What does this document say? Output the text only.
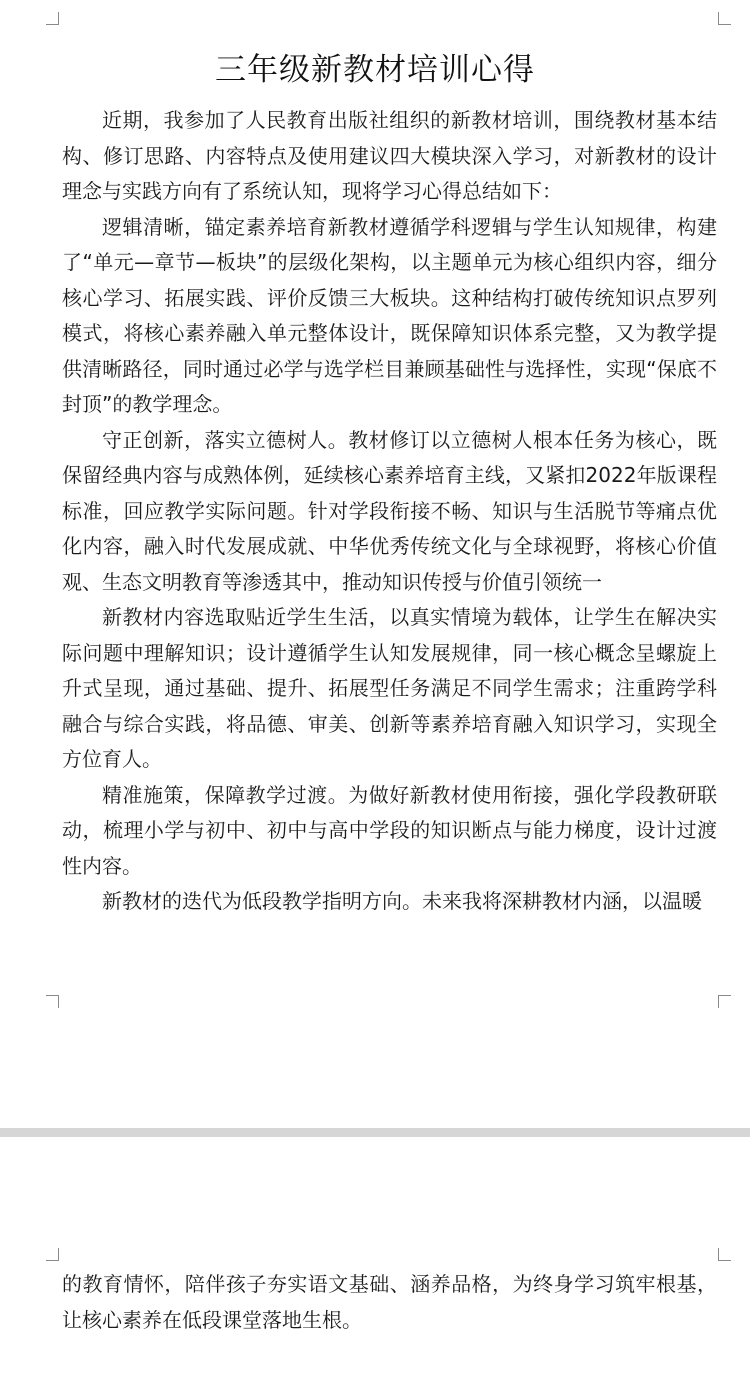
三年级新教材培训心得

近期，我参加了人民教育出版社组织的新教材培训，围绕教材基本结构、修订思路、内容特点及使用建议四大模块深入学习，对新教材的设计理念与实践方向有了系统认知，现将学习心得总结如下：

逻辑清晰，锚定素养培育新教材遵循学科逻辑与学生认知规律，构建了“单元—章节—板块”的层级化架构，以主题单元为核心组织内容，细分核心学习、拓展实践、评价反馈三大板块。这种结构打破传统知识点罗列模式，将核心素养融入单元整体设计，既保障知识体系完整，又为教学提供清晰路径，同时通过必学与选学栏目兼顾基础性与选择性，实现“保底不封顶”的教学理念。

守正创新，落实立德树人。教材修订以立德树人根本任务为核心，既保留经典内容与成熟体例，延续核心素养培育主线，又紧扣2022年版课程标准，回应教学实际问题。针对学段衔接不畅、知识与生活脱节等痛点优化内容，融入时代发展成就、中华优秀传统文化与全球视野，将核心价值观、生态文明教育等渗透其中，推动知识传授与价值引领统一

新教材内容选取贴近学生生活，以真实情境为载体，让学生在解决实际问题中理解知识；设计遵循学生认知发展规律，同一核心概念呈螺旋上升式呈现，通过基础、提升、拓展型任务满足不同学生需求；注重跨学科融合与综合实践，将品德、审美、创新等素养培育融入知识学习，实现全方位育人。

精准施策，保障教学过渡。为做好新教材使用衔接，强化学段教研联动，梳理小学与初中、初中与高中学段的知识断点与能力梯度，设计过渡性内容。

新教材的迭代为低段教学指明方向。未来我将深耕教材内涵，以温暖

的教育情怀，陪伴孩子夯实语文基础、涵养品格，为终身学习筑牢根基，让核心素养在低段课堂落地生根。
